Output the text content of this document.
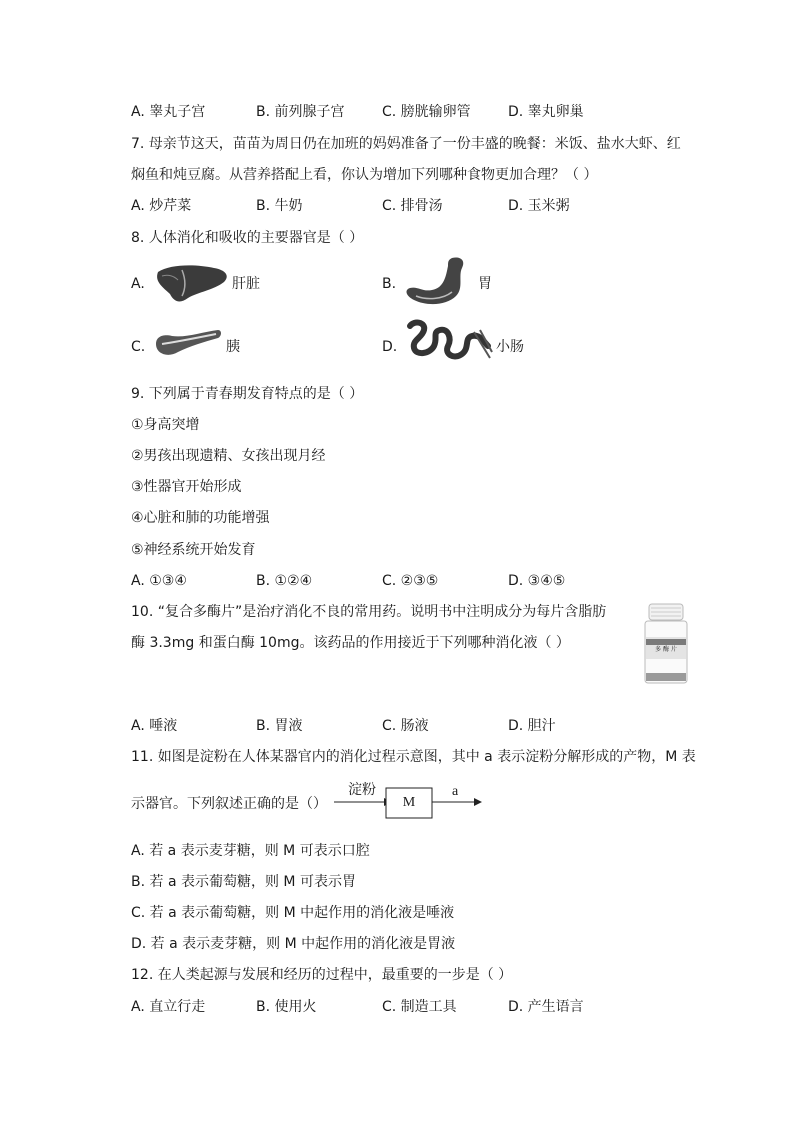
A. 睾丸子宫	B. 前列腺子宫	C. 膀胱输卵管	D. 睾丸卵巢
7. 母亲节这天，苗苗为周日仍在加班的妈妈准备了一份丰盛的晚餐：米饭、盐水大虾、红
焖鱼和炖豆腐。从营养搭配上看，你认为增加下列哪种食物更加合理？（ ）
A. 炒芹菜	B. 牛奶	C. 排骨汤	D. 玉米粥
8. 人体消化和吸收的主要器官是（ ）
A.	肝脏	B.	胃
C.	胰	D.	小肠
9. 下列属于青春期发育特点的是（ ）
①身高突增
②男孩出现遗精、女孩出现月经
③性器官开始形成
④心脏和肺的功能增强
⑤神经系统开始发育
A. ①③④	B. ①②④	C. ②③⑤	D. ③④⑤
10. “复合多酶片”是治疗消化不良的常用药。说明书中注明成分为每片含脂肪
酶 3.3mg 和蛋白酶 10mg。该药品的作用接近于下列哪种消化液（ ）	多 酶 片
A. 唾液	B. 胃液	C. 肠液	D. 胆汁
11. 如图是淀粉在人体某器官内的消化过程示意图，其中 a 表示淀粉分解形成的产物，M 表
示器官。下列叙述正确的是（）
淀粉
M
a
A. 若 a 表示麦芽糖，则 M 可表示口腔
B. 若 a 表示葡萄糖，则 M 可表示胃
C. 若 a 表示葡萄糖，则 M 中起作用的消化液是唾液
D. 若 a 表示麦芽糖，则 M 中起作用的消化液是胃液
12. 在人类起源与发展和经历的过程中，最重要的一步是（ ）
A. 直立行走	B. 使用火	C. 制造工具	D. 产生语言
